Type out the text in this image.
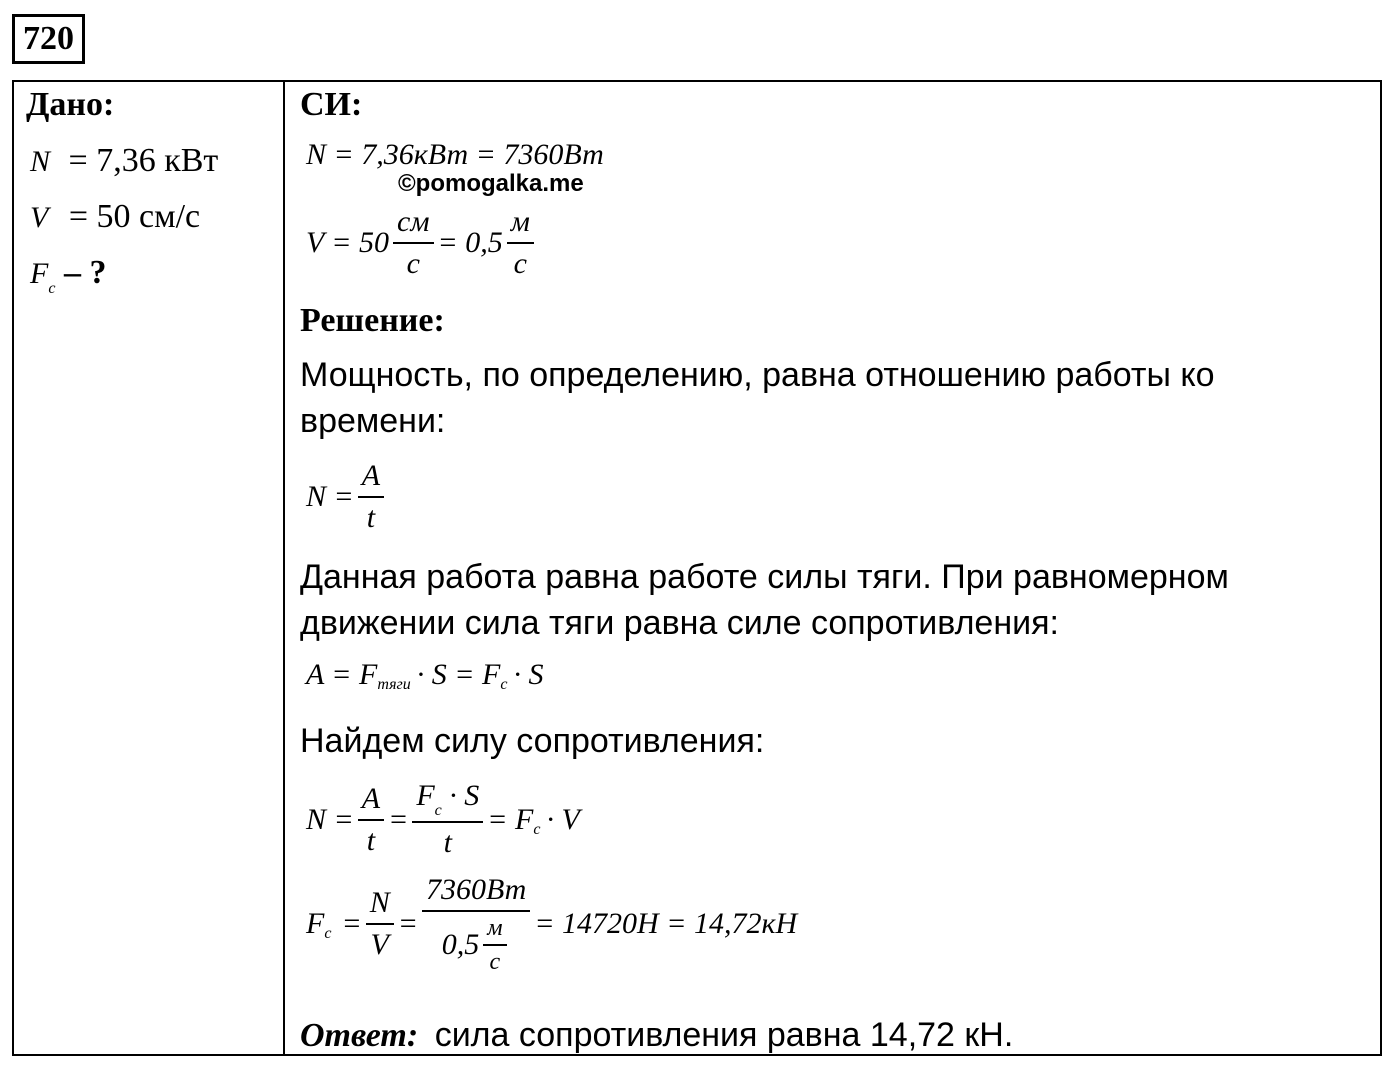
720
Дано:
N = 7,36 кВт
V = 50 см/с
$F_c$ – ?
СИ:
N = 7,36кВт = 7360Вт
©pomogalka.me
$V = 50 \frac{см}{с} = 0,5 \frac{м}{с}$
Решение:
Мощность, по определению, равна отношению работы ко
времени:
$N = \frac{A}{t}$
Данная работа равна работе силы тяги. При равномерном
движении сила тяги равна силе сопротивления:
A = F тяги · S = F c · S
Найдем силу сопротивления:
$N = \frac{A}{t} = \frac{F_c \cdot S}{t} = F$ c · V
F $c = \frac{N}{V} = \frac{7360Вт}{0,5 \frac{м}{с}} = 14720Н = 14,72кН$
Ответ: сила сопротивления равна 14,72 кН.
